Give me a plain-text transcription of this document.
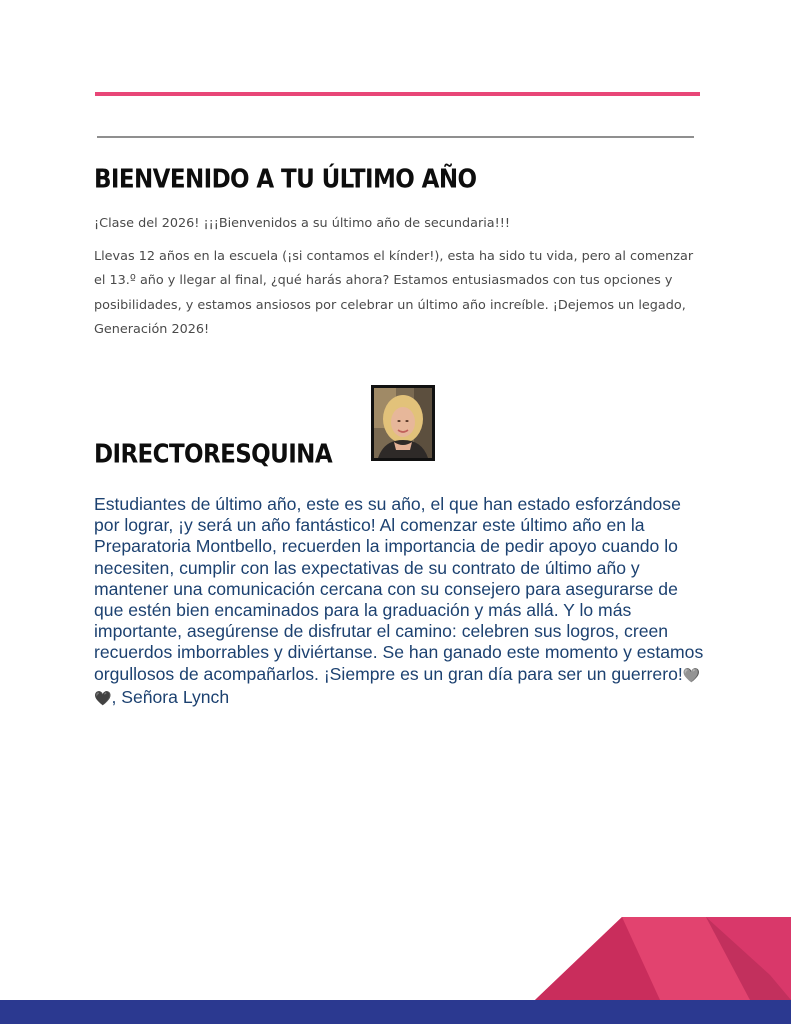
BIENVENIDO A TU ÚLTIMO AÑO

¡Clase del 2026! ¡¡¡Bienvenidos a su último año de secundaria!!!

Llevas 12 años en la escuela (¡si contamos el kínder!), esta ha sido tu vida, pero al comenzar el 13.º año y llegar al final, ¿qué harás ahora? Estamos entusiasmados con tus opciones y posibilidades, y estamos ansiosos por celebrar un último año increíble. ¡Dejemos un legado, Generación 2026!

DIRECTORESQUINA

Estudiantes de último año, este es su año, el que han estado esforzándose por lograr, ¡y será un año fantástico! Al comenzar este último año en la Preparatoria Montbello, recuerden la importancia de pedir apoyo cuando lo necesiten, cumplir con las expectativas de su contrato de último año y mantener una comunicación cercana con su consejero para asegurarse de que estén bien encaminados para la graduación y más allá. Y lo más importante, asegúrense de disfrutar el camino: celebren sus logros, creen recuerdos imborrables y diviértanse. Se han ganado este momento y estamos orgullosos de acompañarlos. ¡Siempre es un gran día para ser un guerrero!🩶🖤, Señora Lynch
